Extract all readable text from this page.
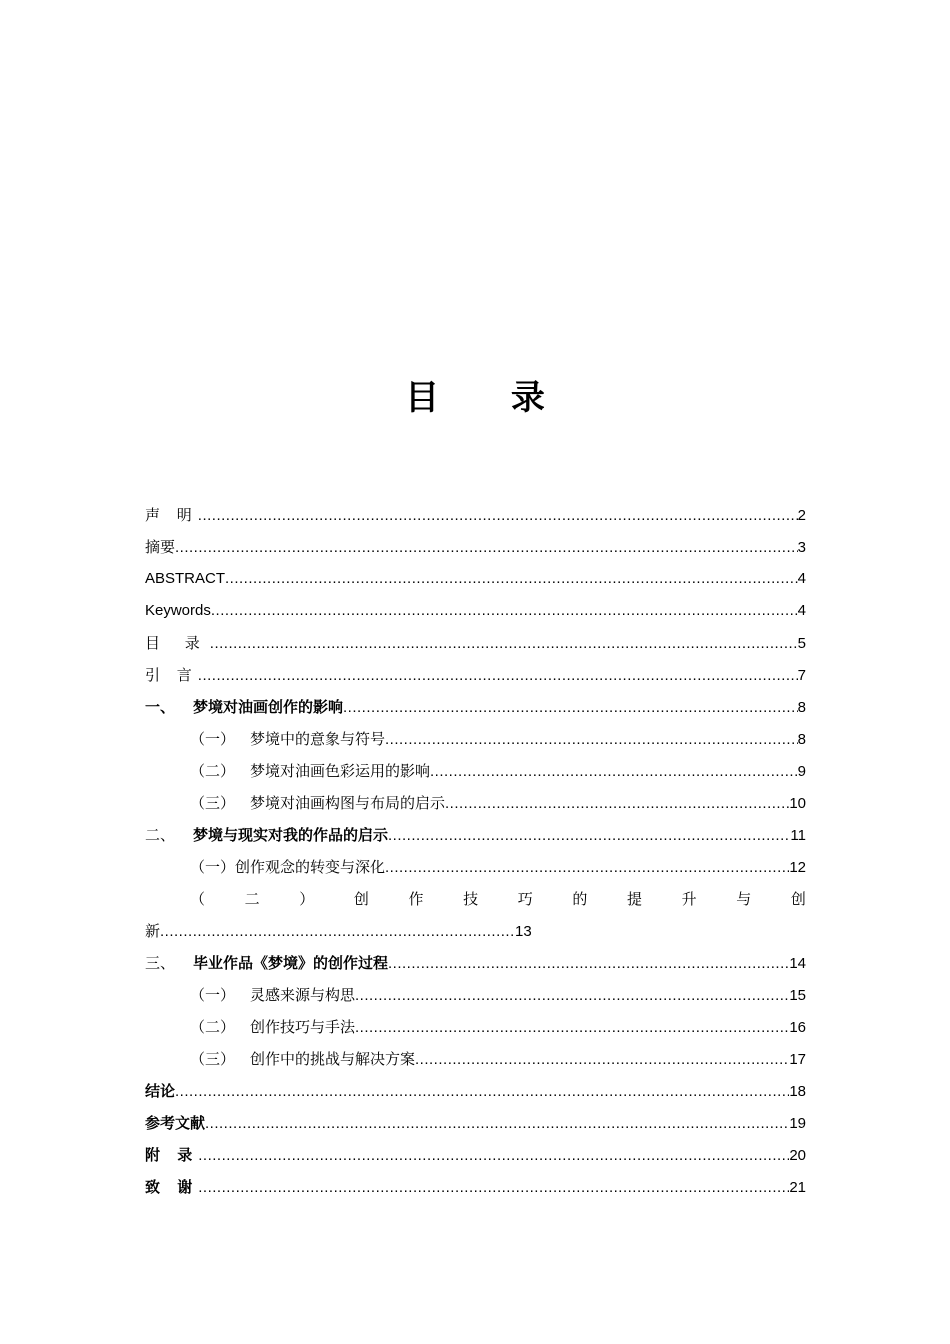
目 录
声 明 .....	2
摘要 .....	3
ABSTRACT .....	4
Keywords .....	4
目 录 .....	5
引 言 .....	7
一、 梦境对油画创作的影响 .....	8
（一） 梦境中的意象与符号 .....	8
（二） 梦境对油画色彩运用的影响 .....	9
（三） 梦境对油画构图与布局的启示 .....	10
二、 梦境与现实对我的作品的启示 .....	11
（一）创作观念的转变与深化 .....	12
（	二	）	创	作	技	巧	的	提	升	与	创
新 .....	13
三、 毕业作品《梦境》的创作过程 .....	14
（一） 灵感来源与构思 .....	15
（二） 创作技巧与手法 .....	16
（三） 创作中的挑战与解决方案 .....	17
结论 .....	18
参考文献 .....	19
附 录 .....	20
致 谢 .....	21
